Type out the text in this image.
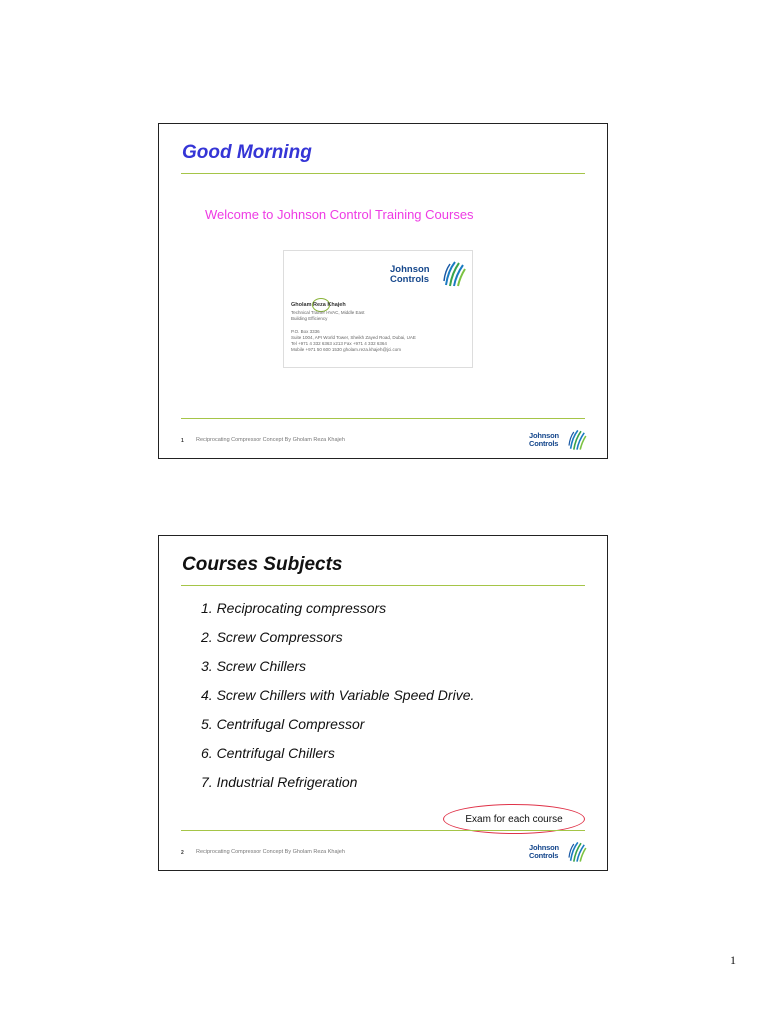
Good Morning
Welcome to Johnson Control Training Courses
Johnson
Controls
Gholam Reza Khajeh
Technical Trainer HVAC, Middle East
Building Efficiency
P.O. Box 3336
Suite 1004, API World Tower, Sheikh Zayed Road, Dubai, UAE
Tel +971 4 332 6363 x213 Fax +971 4 332 6364
Mobile +971 50 600 1530 gholam.reza.khajeh@jci.com
1 Reciprocating Compressor Concept By Gholam Reza Khajeh	Johnson
Controls
Courses Subjects
1. Reciprocating compressors
2. Screw Compressors
3. Screw Chillers
4. Screw Chillers with Variable Speed Drive.
5. Centrifugal Compressor
6. Centrifugal Chillers
7. Industrial Refrigeration
Exam for each course
2 Reciprocating Compressor Concept By Gholam Reza Khajeh	Johnson
Controls
1
